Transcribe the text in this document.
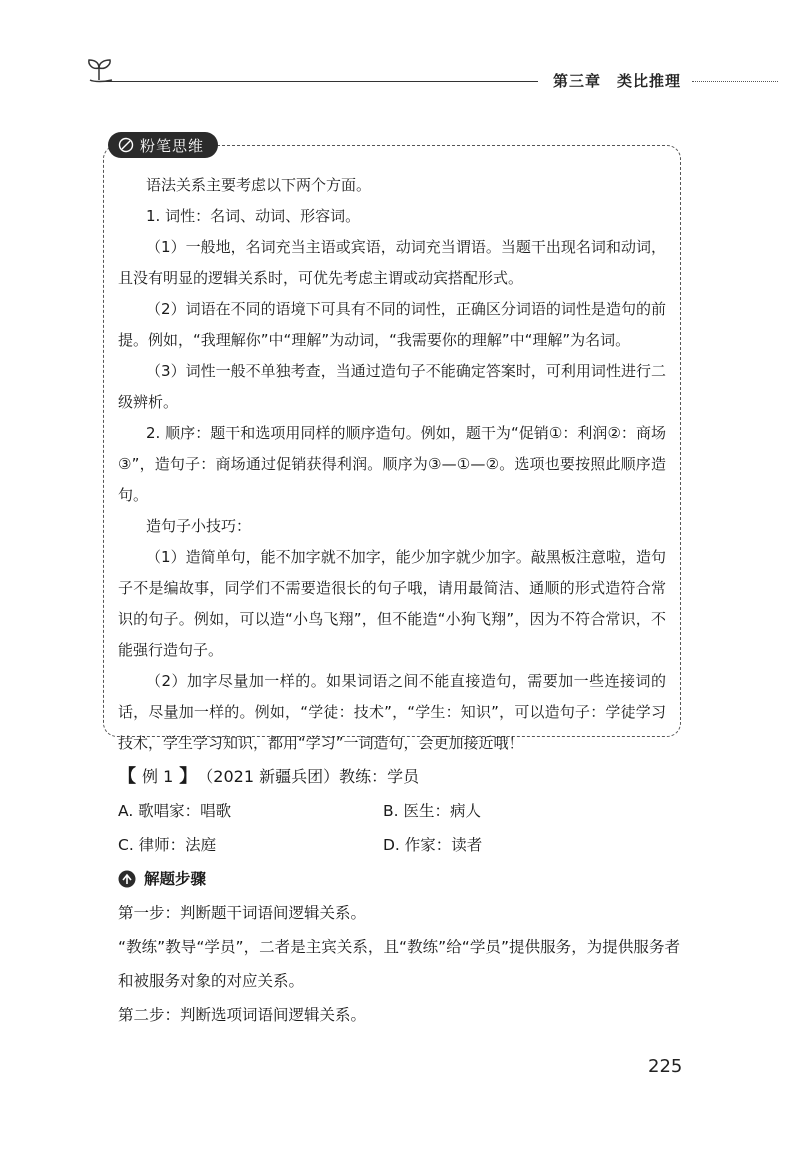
第三章　类比推理
粉笔思维

语法关系主要考虑以下两个方面。

1. 词性：名词、动词、形容词。

（1）一般地，名词充当主语或宾语，动词充当谓语。当题干出现名词和动词，且没有明显的逻辑关系时，可优先考虑主谓或动宾搭配形式。

（2）词语在不同的语境下可具有不同的词性，正确区分词语的词性是造句的前提。例如，“我理解你”中“理解”为动词，“我需要你的理解”中“理解”为名词。

（3）词性一般不单独考查，当通过造句子不能确定答案时，可利用词性进行二级辨析。

2. 顺序：题干和选项用同样的顺序造句。例如，题干为“促销①：利润②：商场③”，造句子：商场通过促销获得利润。顺序为③—①—②。选项也要按照此顺序造句。

造句子小技巧：

（1）造简单句，能不加字就不加字，能少加字就少加字。敲黑板注意啦，造句子不是编故事，同学们不需要造很长的句子哦，请用最简洁、通顺的形式造符合常识的句子。例如，可以造“小鸟飞翔”，但不能造“小狗飞翔”，因为不符合常识，不能强行造句子。

（2）加字尽量加一样的。如果词语之间不能直接造句，需要加一些连接词的话，尽量加一样的。例如，“学徒：技术”，“学生：知识”，可以造句子：学徒学习技术，学生学习知识，都用“学习”一词造句，会更加接近哦！

【 例 1 】 （2021 新疆兵团）教练：学员
A. 歌唱家：唱歌	B. 医生：病人
C. 律师：法庭	D. 作家：读者
解题步骤

第一步：判断题干词语间逻辑关系。

“教练”教导“学员”，二者是主宾关系，且“教练”给“学员”提供服务，为提供服务者和被服务对象的对应关系。

第二步：判断选项词语间逻辑关系。

225
